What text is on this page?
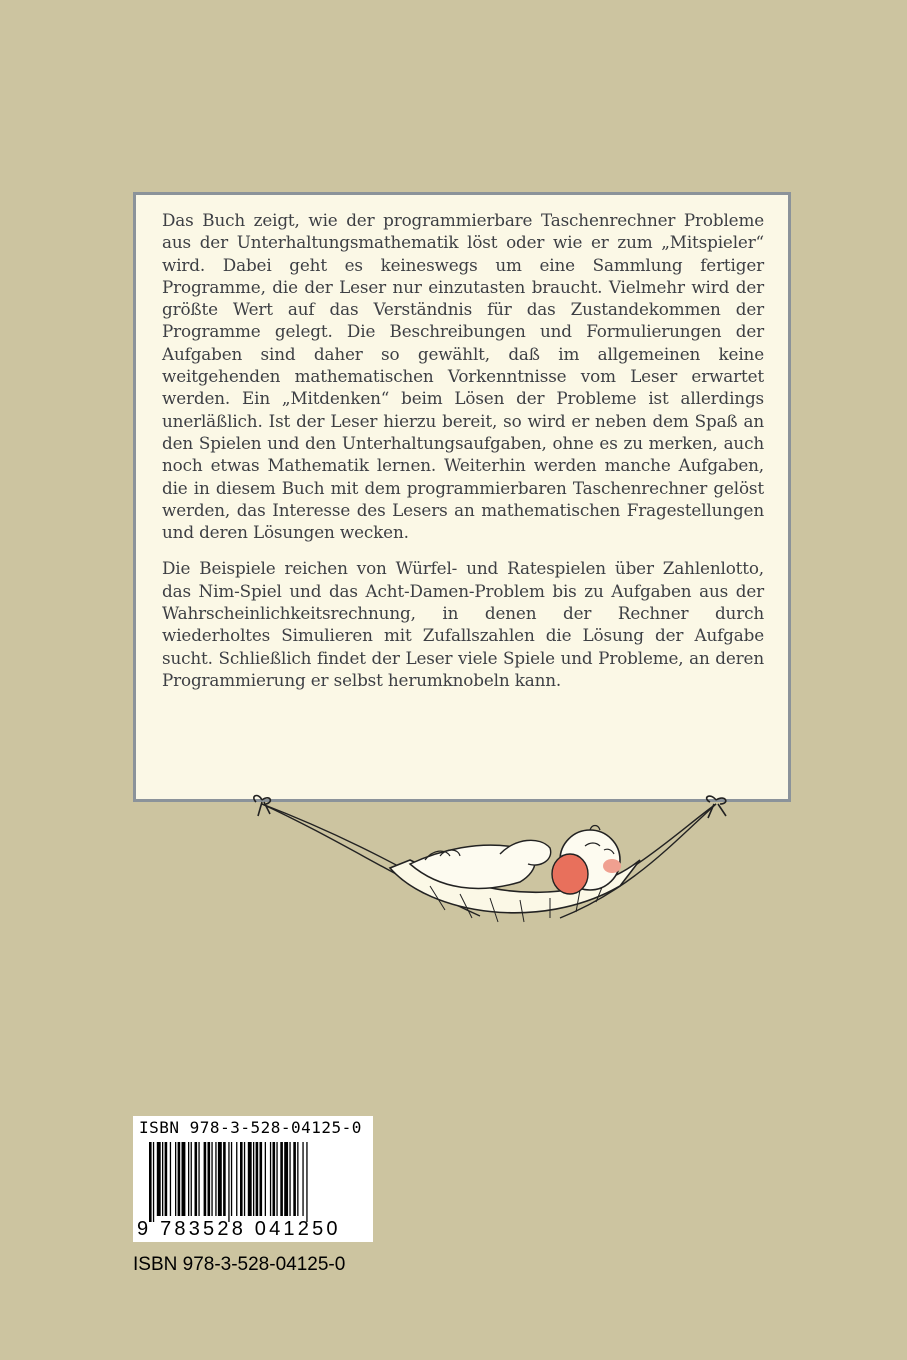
Das Buch zeigt, wie der programmierbare Taschenrechner Probleme aus der Unterhaltungsmathematik löst oder wie er zum „Mitspieler“ wird. Dabei geht es keineswegs um eine Sammlung fertiger Programme, die der Leser nur einzutasten braucht. Vielmehr wird der größte Wert auf das Verständnis für das Zustandekommen der Programme gelegt. Die Beschreibungen und Formulierungen der Aufgaben sind daher so gewählt, daß im allgemeinen keine weitgehenden mathematischen Vorkenntnisse vom Leser erwartet werden. Ein „Mitdenken“ beim Lösen der Probleme ist allerdings unerläßlich. Ist der Leser hierzu bereit, so wird er neben dem Spaß an den Spielen und den Unterhaltungsaufgaben, ohne es zu merken, auch noch etwas Mathematik lernen. Weiterhin werden manche Aufgaben, die in diesem Buch mit dem programmierbaren Taschenrechner gelöst werden, das Interesse des Lesers an mathematischen Fragestellungen und deren Lösungen wecken.

Die Beispiele reichen von Würfel- und Ratespielen über Zahlenlotto, das Nim-Spiel und das Acht-Damen-Problem bis zu Aufgaben aus der Wahrscheinlichkeitsrechnung, in denen der Rechner durch wiederholtes Simulieren mit Zufallszahlen die Lösung der Aufgabe sucht. Schließlich findet der Leser viele Spiele und Probleme, an deren Programmierung er selbst herumknobeln kann.

ISBN 978-3-528-04125-0
9 783528 041250
ISBN 978-3-528-04125-0
